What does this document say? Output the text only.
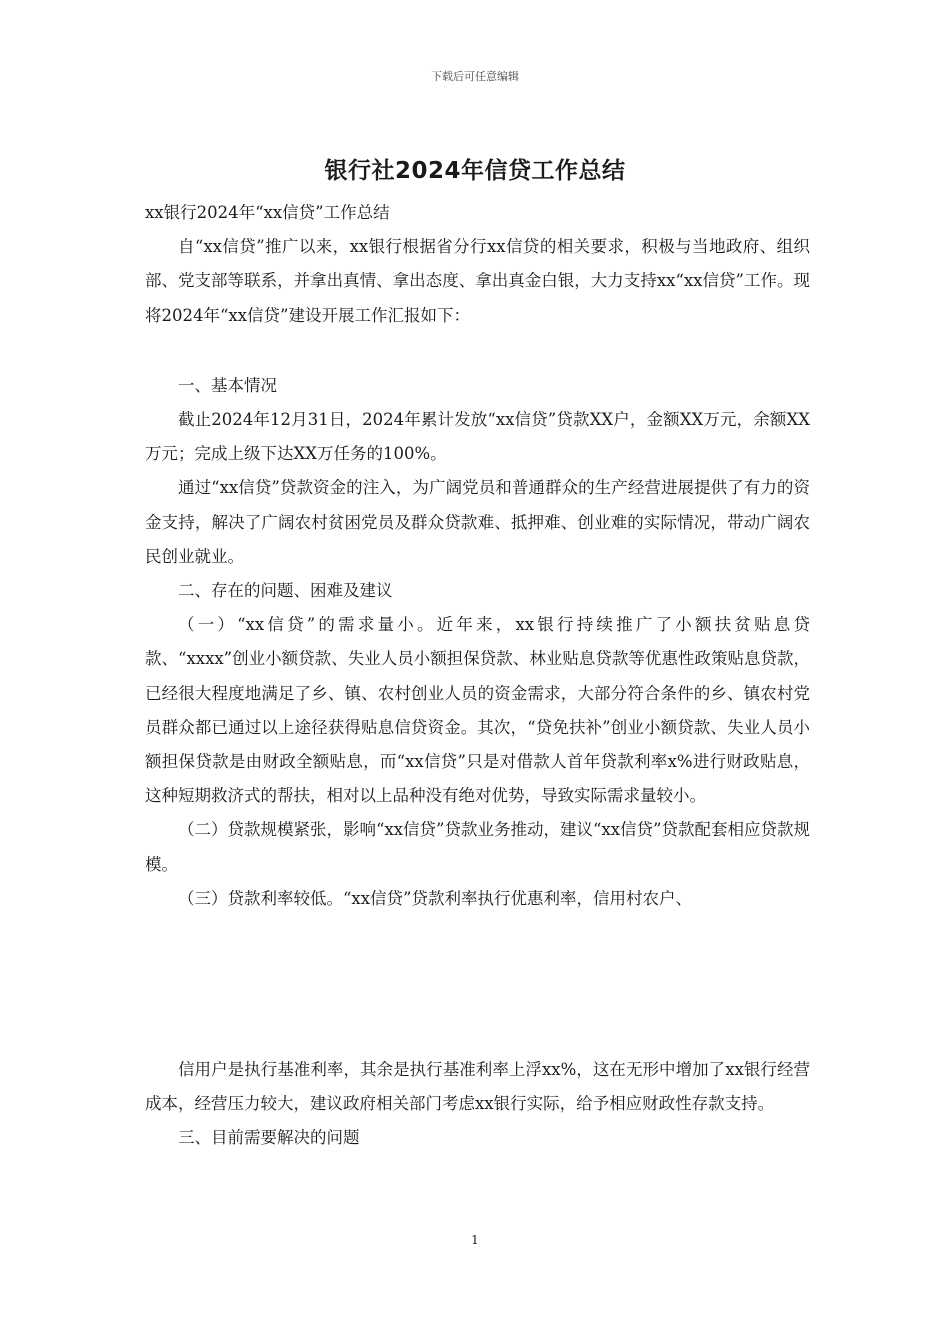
下载后可任意编辑
银行社2024年信贷工作总结

xx银行2024年“xx信贷”工作总结

自“xx信贷”推广以来，xx银行根据省分行xx信贷的相关要求，积极与当地政府、组织部、党支部等联系，并拿出真情、拿出态度、拿出真金白银，大力支持xx“xx信贷”工作。现将2024年“xx信贷”建设开展工作汇报如下：

一、基本情况

截止2024年12月31日，2024年累计发放“xx信贷”贷款XX户，金额XX万元，余额XX万元；完成上级下达XX万任务的100%。

通过“xx信贷”贷款资金的注入，为广阔党员和普通群众的生产经营进展提供了有力的资金支持，解决了广阔农村贫困党员及群众贷款难、抵押难、创业难的实际情况，带动广阔农民创业就业。

二、存在的问题、困难及建议

（一）“xx信贷”的需求量小。近年来，xx银行持续推广了小额扶贫贴息贷款、“xxxx”创业小额贷款、失业人员小额担保贷款、林业贴息贷款等优惠性政策贴息贷款，已经很大程度地满足了乡、镇、农村创业人员的资金需求，大部分符合条件的乡、镇农村党员群众都已通过以上途径获得贴息信贷资金。其次，“贷免扶补”创业小额贷款、失业人员小额担保贷款是由财政全额贴息，而“xx信贷”只是对借款人首年贷款利率x%进行财政贴息，这种短期救济式的帮扶，相对以上品种没有绝对优势，导致实际需求量较小。

（二）贷款规模紧张，影响“xx信贷”贷款业务推动，建议“xx信贷”贷款配套相应贷款规模。

（三）贷款利率较低。“xx信贷”贷款利率执行优惠利率，信用村农户、

信用户是执行基准利率，其余是执行基准利率上浮xx%，这在无形中增加了xx银行经营成本，经营压力较大，建议政府相关部门考虑xx银行实际，给予相应财政性存款支持。

三、目前需要解决的问题

1
